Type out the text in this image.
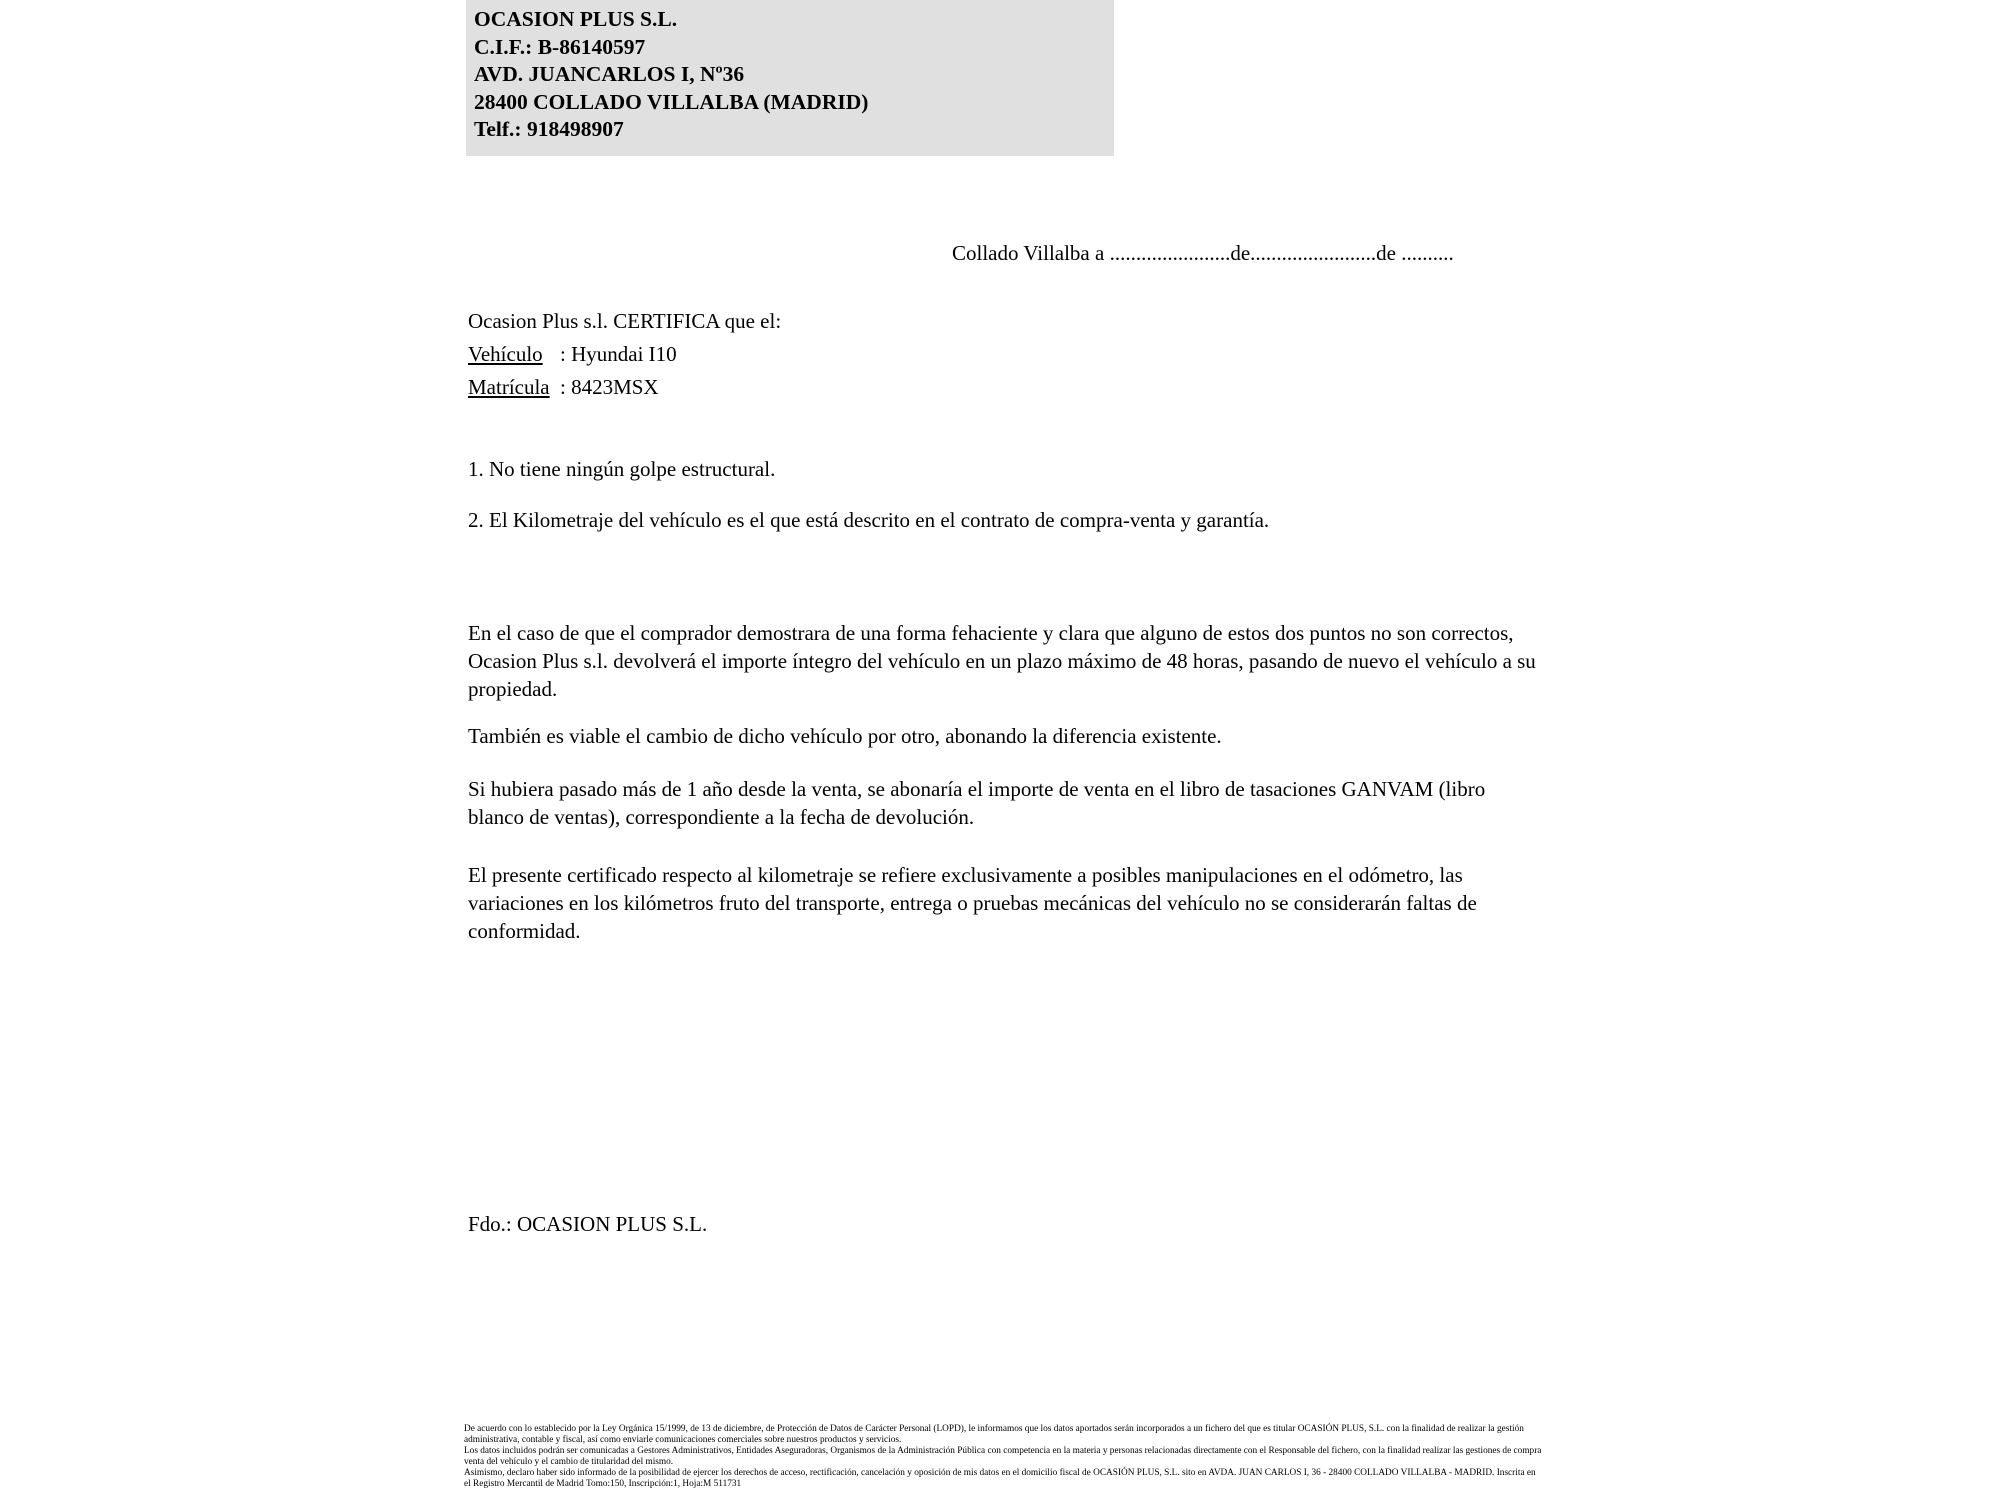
OCASION PLUS S.L.
C.I.F.: B-86140597
AVD. JUANCARLOS I, Nº36
28400 COLLADO VILLALBA (MADRID)
Telf.: 918498907
Collado Villalba a .......................de........................de ..........
Ocasion Plus s.l. CERTIFICA que el:
Vehículo : Hyundai I10
Matrícula : 8423MSX
1. No tiene ningún golpe estructural.
2. El Kilometraje del vehículo es el que está descrito en el contrato de compra-venta y garantía.
En el caso de que el comprador demostrara de una forma fehaciente y clara que alguno de estos dos puntos no son correctos, Ocasion Plus s.l. devolverá el importe íntegro del vehículo en un plazo máximo de 48 horas, pasando de nuevo el vehículo a su propiedad.
También es viable el cambio de dicho vehículo por otro, abonando la diferencia existente.
Si hubiera pasado más de 1 año desde la venta, se abonaría el importe de venta en el libro de tasaciones GANVAM (libro blanco de ventas), correspondiente a la fecha de devolución.
El presente certificado respecto al kilometraje se refiere exclusivamente a posibles manipulaciones en el odómetro, las variaciones en los kilómetros fruto del transporte, entrega o pruebas mecánicas del vehículo no se considerarán faltas de conformidad.
Fdo.: OCASION PLUS S.L.

De acuerdo con lo establecido por la Ley Orgánica 15/1999, de 13 de diciembre, de Protección de Datos de Carácter Personal (LOPD), le informamos que los datos aportados serán incorporados a un fichero del que es titular OCASIÓN PLUS, S.L. con la finalidad de realizar la gestión administrativa, contable y fiscal, así como enviarle comunicaciones comerciales sobre nuestros productos y servicios.

Los datos incluidos podrán ser comunicadas a Gestores Administrativos, Entidades Aseguradoras, Organismos de la Administración Pública con competencia en la materia y personas relacionadas directamente con el Responsable del fichero, con la finalidad realizar las gestiones de compra venta del vehículo y el cambio de titularidad del mismo.

Asimismo, declaro haber sido informado de la posibilidad de ejercer los derechos de acceso, rectificación, cancelación y oposición de mis datos en el domicilio fiscal de OCASIÓN PLUS, S.L. sito en AVDA. JUAN CARLOS I, 36 - 28400 COLLADO VILLALBA - MADRID. Inscrita en el Registro Mercantil de Madrid Tomo:150, Inscripción:1, Hoja:M 511731
